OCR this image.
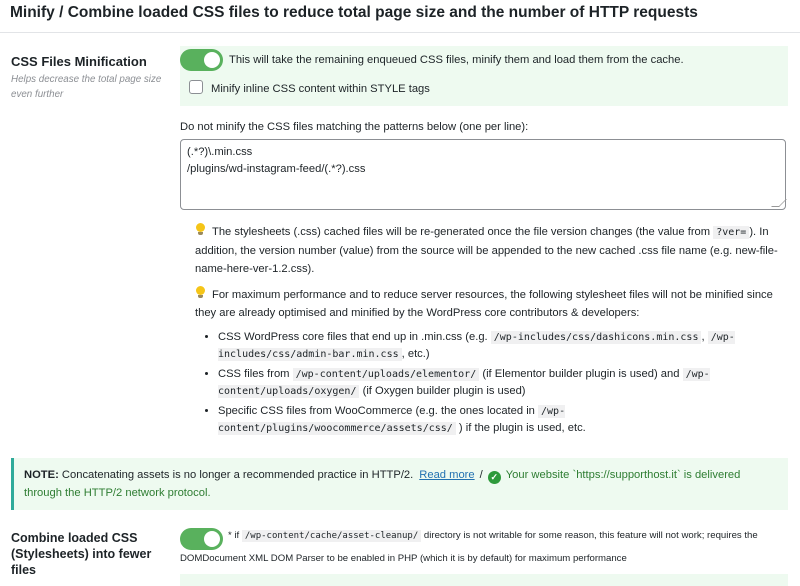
Minify / Combine loaded CSS files to reduce total page size and the number of HTTP requests
CSS Files Minification
Helps decrease the total page size even further
This will take the remaining enqueued CSS files, minify them and load them from the cache.
Minify inline CSS content within STYLE tags
Do not minify the CSS files matching the patterns below (one per line):
(.*?)\.min.css
/plugins/wd-instagram-feed/(.*?).css
The stylesheets (.css) cached files will be re-generated once the file version changes (the value from ?ver= ). In addition, the version number (value) from the source will be appended to the new cached .css file name (e.g. new-file-name-here-ver-1.2.css).
For maximum performance and to reduce server resources, the following stylesheet files will not be minified since they are already optimised and minified by the WordPress core contributors & developers:
• CSS WordPress core files that end up in .min.css (e.g. /wp-includes/css/dashicons.min.css , /wp-includes/css/admin-bar.min.css , etc.)
• CSS files from /wp-content/uploads/elementor/ (if Elementor builder plugin is used) and /wp-content/uploads/oxygen/ (if Oxygen builder plugin is used)
• Specific CSS files from WooCommerce (e.g. the ones located in /wp-content/plugins/woocommerce/assets/css/ ) if the plugin is used, etc.
NOTE: Concatenating assets is no longer a recommended practice in HTTP/2. Read more / ✓ Your website `https://supporthost.it` is delivered
through the HTTP/2 network protocol.
Combine loaded CSS (Stylesheets) into fewer files
* if /wp-content/cache/asset-cleanup/ directory is not writable for some reason, this feature will not work; requires the
DOMDocument XML DOM Parser to be enabled in PHP (which it is by default) for maximum performance
